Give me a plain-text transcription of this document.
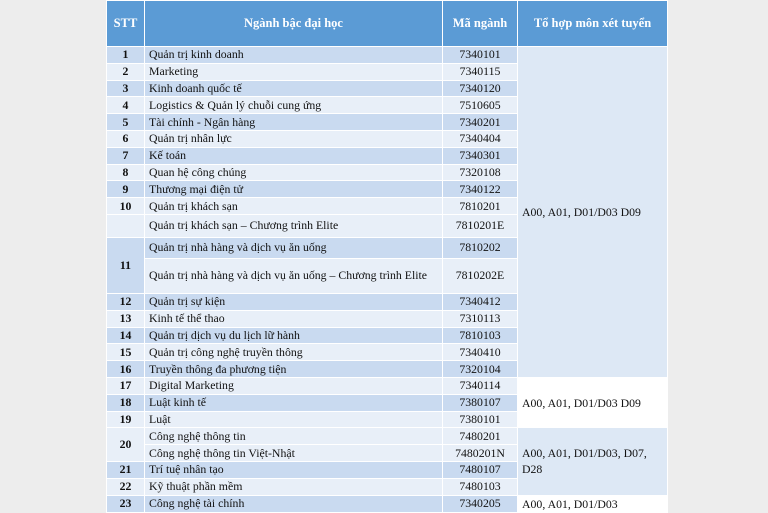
STT	Ngành bậc đại học	Mã ngành	Tổ hợp môn xét tuyển
1	Quản trị kinh doanh	7340101	A00, A01, D01/D03 D09
2	Marketing	7340115	
3	Kinh doanh quốc tế	7340120	
4	Logistics & Quản lý chuỗi cung ứng	7510605	
5	Tài chính - Ngân hàng	7340201	
6	Quản trị nhân lực	7340404	
7	Kế toán	7340301	
8	Quan hệ công chúng	7320108	
9	Thương mại điện tử	7340122	
10	Quản trị khách sạn	7810201	
	Quản trị khách sạn – Chương trình Elite	7810201E	
11	Quản trị nhà hàng và dịch vụ ăn uống	7810202	
	Quản trị nhà hàng và dịch vụ ăn uống – Chương trình Elite	7810202E	
12	Quản trị sự kiện	7340412	
13	Kinh tế thể thao	7310113	
14	Quản trị dịch vụ du lịch lữ hành	7810103	
15	Quản trị công nghệ truyền thông	7340410	
16	Truyền thông đa phương tiện	7320104	
17	Digital Marketing	7340114	A00, A01, D01/D03 D09
18	Luật kinh tế	7380107	
19	Luật	7380101	
20	Công nghệ thông tin	7480201	A00, A01, D01/D03, D07, D28
	Công nghệ thông tin Việt-Nhật	7480201N	
21	Trí tuệ nhân tạo	7480107	
22	Kỹ thuật phần mềm	7480103	
23	Công nghệ tài chính	7340205	A00, A01, D01/D03
